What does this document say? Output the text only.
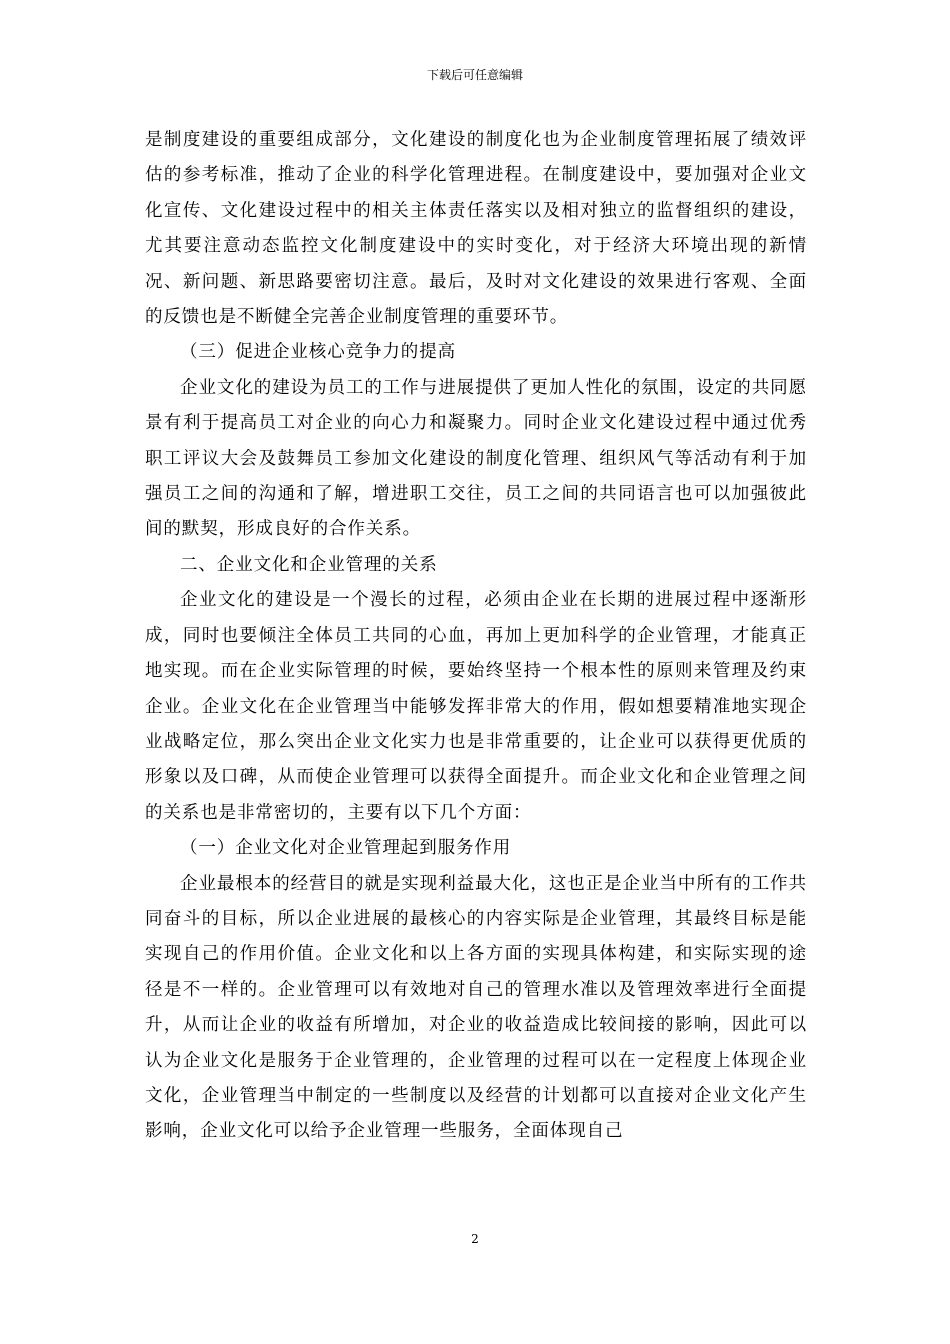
下载后可任意编辑

是制度建设的重要组成部分，文化建设的制度化也为企业制度管理拓展了绩效评估的参考标准，推动了企业的科学化管理进程。在制度建设中，要加强对企业文化宣传、文化建设过程中的相关主体责任落实以及相对独立的监督组织的建设，尤其要注意动态监控文化制度建设中的实时变化，对于经济大环境出现的新情况、新问题、新思路要密切注意。最后，及时对文化建设的效果进行客观、全面的反馈也是不断健全完善企业制度管理的重要环节。

（三）促进企业核心竞争力的提高

企业文化的建设为员工的工作与进展提供了更加人性化的氛围，设定的共同愿景有利于提高员工对企业的向心力和凝聚力。同时企业文化建设过程中通过优秀职工评议大会及鼓舞员工参加文化建设的制度化管理、组织风气等活动有利于加强员工之间的沟通和了解，增进职工交往，员工之间的共同语言也可以加强彼此间的默契，形成良好的合作关系。

二、企业文化和企业管理的关系

企业文化的建设是一个漫长的过程，必须由企业在长期的进展过程中逐渐形成，同时也要倾注全体员工共同的心血，再加上更加科学的企业管理，才能真正地实现。而在企业实际管理的时候，要始终坚持一个根本性的原则来管理及约束企业。企业文化在企业管理当中能够发挥非常大的作用，假如想要精准地实现企业战略定位，那么突出企业文化实力也是非常重要的，让企业可以获得更优质的形象以及口碑，从而使企业管理可以获得全面提升。而企业文化和企业管理之间的关系也是非常密切的，主要有以下几个方面：

（一）企业文化对企业管理起到服务作用

企业最根本的经营目的就是实现利益最大化，这也正是企业当中所有的工作共同奋斗的目标，所以企业进展的最核心的内容实际是企业管理，其最终目标是能实现自己的作用价值。企业文化和以上各方面的实现具体构建，和实际实现的途径是不一样的。企业管理可以有效地对自己的管理水准以及管理效率进行全面提升，从而让企业的收益有所增加，对企业的收益造成比较间接的影响，因此可以认为企业文化是服务于企业管理的，企业管理的过程可以在一定程度上体现企业文化，企业管理当中制定的一些制度以及经营的计划都可以直接对企业文化产生影响，企业文化可以给予企业管理一些服务，全面体现自己

2
